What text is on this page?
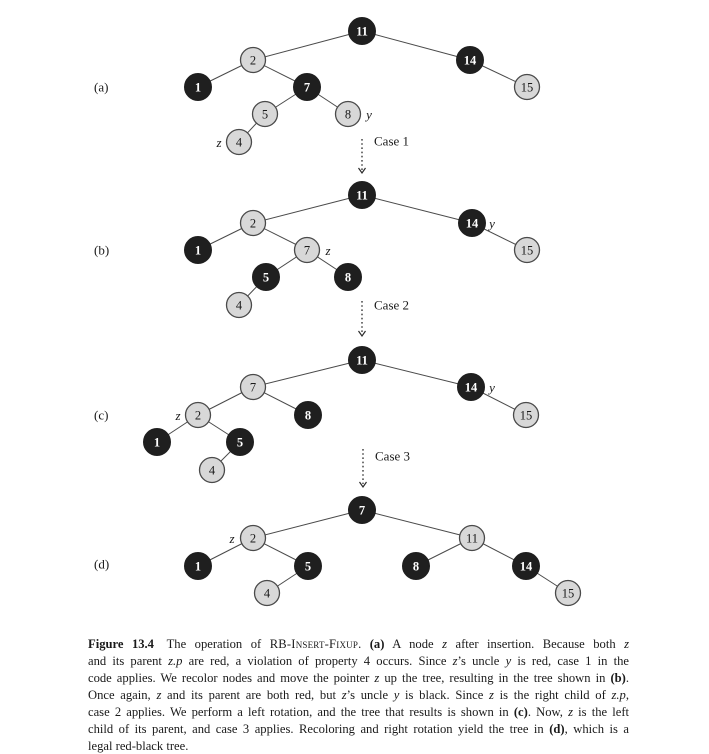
Case 1
Case 2
Case 3
(a)
11
2	14
1	7	15
5	8 y
4
z
(b)
11
2	14 y
1	7 z	15
5	8
4
(c)
11
7	14 y
2
z	8	15
1	5
4
(d)
7
2
z	11
1	5	8	14
4	15
Figure 13.4  The operation of RB-Insert-Fixup. (a) A node z after insertion. Because both z
and its parent z.p are red, a violation of property 4 occurs. Since z’s uncle y is red, case 1 in the
code applies. We recolor nodes and move the pointer z up the tree, resulting in the tree shown in (b).
Once again, z and its parent are both red, but z’s uncle y is black. Since z is the right child of z.p,
case 2 applies. We perform a left rotation, and the tree that results is shown in (c). Now, z is the left
child of its parent, and case 3 applies. Recoloring and right rotation yield the tree in (d), which is a
legal red-black tree.
